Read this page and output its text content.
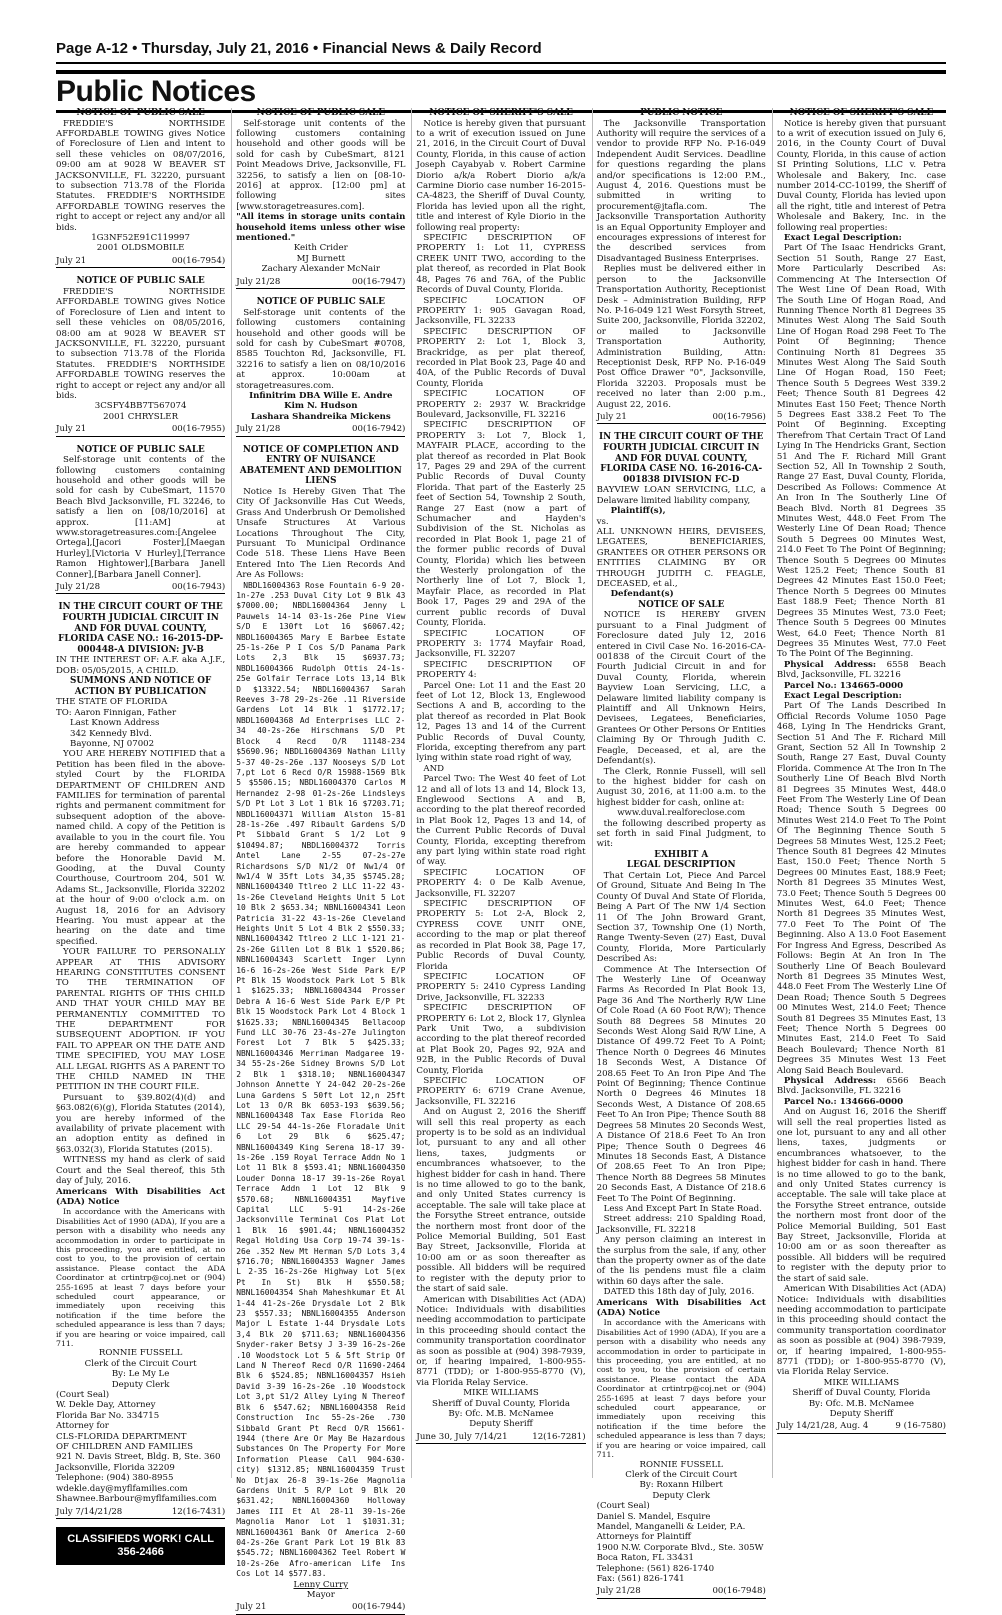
Page A-12 • Thursday, July 21, 2016 • Financial News & Daily Record
Public Notices
NOTICE OF PUBLIC SALE

FREDDIE'S NORTHSIDE AFFORDABLE TOWING gives Notice of Foreclosure of Lien and intent to sell these vehicles on 08/07/2016, 09:00 am at 9028 W BEAVER ST JACKSONVILLE, FL 32220, pursuant to subsection 713.78 of the Florida Statutes. FREDDIE'S NORTHSIDE AFFORDABLE TOWING reserves the right to accept or reject any and/or all bids.

1G3NF52E91C119997
2001 OLDSMOBILE
July 21	00(16-7954)
NOTICE OF PUBLIC SALE

FREDDIE'S NORTHSIDE AFFORDABLE TOWING gives Notice of Foreclosure of Lien and intent to sell these vehicles on 08/05/2016, 08:00 am at 9028 W BEAVER ST JACKSONVILLE, FL 32220, pursuant to subsection 713.78 of the Florida Statutes. FREDDIE'S NORTHSIDE AFFORDABLE TOWING reserves the right to accept or reject any and/or all bids.

3CSFY4BB7T567074
2001 CHRYSLER
July 21	00(16-7955)
NOTICE OF PUBLIC SALE

Self-storage unit contents of the following customers containing household and other goods will be sold for cash by CubeSmart, 11570 Beach Blvd Jacksonville, FL 32246, to satisfy a lien on [08/10/2016] at approx. [11:AM] at www.storagetreasures.com:[Angelee Ortega],[Jacori Foster],[Maegan Hurley],[Victoria V Hurley],[Terrance Ramon Hightower],[Barbara Janell Conner],[Barbara Janell Conner].

July 21/28	00(16-7943)
IN THE CIRCUIT COURT OF THE FOURTH JUDICIAL CIRCUIT IN AND FOR DUVAL COUNTY, FLORIDA CASE NO.: 16-2015-DP-000448-A DIVISION: JV-B
IN THE INTEREST OF: A.F. aka A.J.F., DOB: 05/05/2015, A CHILD.
SUMMONS AND NOTICE OF ACTION BY PUBLICATION
THE STATE OF FLORIDA
TO: Aaron Finnigan, Father
Last Known Address
342 Kennedy Blvd.
Bayonne, NJ 07002

YOU ARE HEREBY NOTIFIED that a Petition has been filed in the above-styled Court by the FLORIDA DEPARTMENT OF CHILDREN AND FAMILIES for termination of parental rights and permanent commitment for subsequent adoption of the above-named child. A copy of the Petition is available to you in the court file. You are hereby commanded to appear before the Honorable David M. Gooding, at the Duval County Courthouse, Courtroom 204, 501 W. Adams St., Jacksonville, Florida 32202 at the hour of 9:00 o'clock a.m. on August 18, 2016 for an Advisory Hearing. You must appear at the hearing on the date and time specified.

YOUR FAILURE TO PERSONALLY APPEAR AT THIS ADVISORY HEARING CONSTITUTES CONSENT TO THE TERMINATION OF PARENTAL RIGHTS OF THIS CHILD AND THAT YOUR CHILD MAY BE PERMANENTLY COMMITTED TO THE DEPARTMENT FOR SUBSEQUENT ADOPTION. IF YOU FAIL TO APPEAR ON THE DATE AND TIME SPECIFIED, YOU MAY LOSE ALL LEGAL RIGHTS AS A PARENT TO THE CHILD NAMED IN THE PETITION IN THE COURT FILE.

Pursuant to §39.802(4)(d) and §63.082(6)(g), Florida Statutes (2014), you are hereby informed of the availability of private placement with an adoption entity as defined in §63.032(3), Florida Statutes (2015).

WITNESS my hand as clerk of said Court and the Seal thereof, this 5th day of July, 2016.

Americans With Disabilities Act (ADA) Notice

In accordance with the Americans with Disabilities Act of 1990 (ADA), If you are a person with a disability who needs any accommodation in order to participate in this proceeding, you are entitled, at no cost to you, to the provision of certain assistance. Please contact the ADA Coordinator at crtintrp@coj.net or (904) 255-1695 at least 7 days before your scheduled court appearance, or immediately upon receiving this notification if the time before the scheduled appearance is less than 7 days; if you are hearing or voice impaired, call 711.

RONNIE FUSSELL
Clerk of the Circuit Court
By: Le My Le
Deputy Clerk
(Court Seal)
W. Dekle Day, Attorney
Florida Bar No. 334715
Attorney for
CLS-FLORIDA DEPARTMENT
OF CHILDREN AND FAMILIES
921 N. Davis Street, Bldg. B, Ste. 360
Jacksonville, Florida 32209
Telephone: (904) 380-8955
wdekle.day@myflfamilies.com
Shawnee.Barbour@myflfamilies.com
July 7/14/21/28	12(16-7431)
CLASSIFIEDS WORK! CALL 356-2466
NOTICE OF PUBLIC SALE

Self-storage unit contents of the following customers containing household and other goods will be sold for cash by CubeSmart, 8121 Point Meadows Drive, Jacksonville, FL 32256, to satisfy a lien on [08-10-2016] at approx. [12:00 pm] at following sites [www.storagetreasures.com].

"All items in storage units contain household items unless other wise mentioned."

Keith Crider
MJ Burnett
Zachary Alexander McNair
July 21/28	00(16-7947)
NOTICE OF PUBLIC SALE

Self-storage unit contents of the following customers containing household and other goods will be sold for cash by CubeSmart #0708, 8585 Touchton Rd, Jacksonville, FL 32216 to satisfy a lien on 08/10/2016 at approx. 10:00am at storagetreasures.com.

Infinitrim DBA Wille E. Andre
Kim N. Hudson
Lashara Shandreika Mickens
July 21/28	00(16-7942)
NOTICE OF COMPLETION AND ENTRY OF NUISANCE ABATEMENT AND DEMOLITION LIENS

Notice Is Hereby Given That The City Of Jacksonville Has Cut Weeds, Grass And Underbrush Or Demolished Unsafe Structures At Various Locations Throughout The City, Pursuant To Municipal Ordinance Code 518. These Liens Have Been Entered Into The Lien Records And Are As Follows:

NBDL16004363 Rose Fountain 6-9 20-1n-27e .253 Duval City Lot 9 Blk 43 $7000.00; NBDL16004364 Jenny L Pauwels 14-14 03-1s-26e Pine View S/D E 130ft Lot 16 $6067.42; NBDL16004365 Mary E Barbee Estate 25-1s-26e P I Cos S/D Panama Park Lots 2,3 Blk 15 $6937.73; NBDL16004366 Rudolph Ottis 24-1s-25e Golfair Terrace Lots 13,14 Blk D $13322.54; NBDL16004367 Sarah Reeves 3-78 29-2s-26e .11 Riverside Gardens Lot 14 Blk 1 $1772.17; NBDL16004368 Ad Enterprises LLC 2-34 40-2s-26e Hirschmans S/D Pt Block 4 Recd O/R 11148-234 $5690.96; NBDL16004369 Nathan Lilly 5-37 40-2s-26e .137 Nooseys S/D Lot 7,pt Lot 6 Recd O/R 15988-1569 Blk 5 $5506.15; NBDL16004370 Carlos M Hernandez 2-98 01-2s-26e Lindsleys S/D Pt Lot 3 Lot 1 Blk 16 $7203.71; NBDL16004371 William Alston 15-81 28-1s-26e .497 Ribault Gardens S/D Pt Sibbald Grant S 1/2 Lot 9 $10494.87; NBDL16004372 Torris Antel Lane 2-55 07-2s-27e Richardsons S/D N1/2 Of Nw1/4 Of Nw1/4 W 35ft Lots 34,35 $5745.28; NBNL16004340 Ttlreo 2 LLC 11-22 43-1s-26e Cleveland Heights Unit 5 Lot 10 Blk 2 $653.34; NBNL16004341 Leon Patricia 31-22 43-1s-26e Cleveland Heights Unit 5 Lot 4 Blk 2 $550.33; NBNL16004342 Ttlreo 2 LLC 1-121 21-2s-26e Gillen Lot 8 Blk 1 $520.86; NBNL16004343 Scarlett Inger Lynn 16-6 16-2s-26e West Side Park E/P Pt Blk 15 Woodstock Park Lot 5 Blk 1 $1625.33; NBNL16004344 Prosser Debra A 16-6 West Side Park E/P Pt Blk 15 Woodstock Park Lot 4 Block 1 $1625.33; NBNL16004345 Bellacoop Fund LLC 30-76 23-4s-27e Julington Forest Lot 7 Blk 5 $425.33; NBNL16004346 Merriman Madgaree 19-34 55-2s-26e Sidney Browns S/D Lot 2 Blk 1 $318.10; NBNL16004347 Johnson Annette Y 24-042 20-2s-26e Luna Gardens S 50ft Lot 12,n 25ft Lot 13 O/R Bk 6053-193 $639.56; NBNL16004348 Tax Ease Florida Reo LLC 29-54 44-1s-26e Floradale Unit 6 Lot 29 Blk 6 $625.47; NBNL16004349 King Serena 18-17 39-1s-26e .159 Royal Terrace Addn No 1 Lot 11 Blk 8 $593.41; NBNL16004350 Louder Donna 18-17 39-1s-26e Royal Terrace Addn 1 Lot 12 Blk 9 $570.68; NBNL16004351 Mayfive Capital LLC 5-91 14-2s-26e Jacksonville Terminal Cos Plat Lot 1 Blk 16 $901.44; NBNL16004352 Regal Holding Usa Corp 19-74 39-1s-26e .352 New Mt Herman S/D Lots 3,4 $716.70; NBNL16004353 Wagner James L 2-35 16-2s-26e Highway Lot 5(ex Pt In St) Blk H $550.58; NBNL16004354 Shah Maheshkumar Et Al 1-44 41-2s-26e Drysdale Lot 2 Blk 23 $557.33; NBNL16004355 Anderson Major L Estate 1-44 Drysdale Lots 3,4 Blk 20 $711.63; NBNL16004356 Snyder-raker Betsy J 3-39 16-2s-26e .10 Woodstock Lot 5 & 5ft Strip Of Land N Thereof Recd O/R 11690-2464 Blk 6 $524.85; NBNL16004357 Hsieh David 3-39 16-2s-26e .10 Woodstock Lot 3,pt S1/2 Alley Lying N Thereof Blk 6 $547.62; NBNL16004358 Reid Construction Inc 55-2s-26e .730 Sibbald Grant Pt Recd O/R 15661-1944 (there Are Or May Be Hazardous Substances On The Property For More Information Please Call 904-630-city) $1312.85; NBNL16004359 Trust No Dtjax 26-8 39-1s-26e Magnolia Gardens Unit 5 R/P Lot 9 Blk 20 $631.42; NBNL16004360 Holloway James III Et Al 28-11 39-1s-26e Magnolia Manor Lot 1 $1031.31; NBNL16004361 Bank Of America 2-60 04-2s-26e Grant Park Lot 19 Blk 83 $545.72; NBNL16004362 Teel Robert W 10-2s-26e Afro-american Life Ins Cos Lot 14 $577.83.

Lenny Curry
Mayor
July 21	00(16-7944)
NOTICE OF SHERIFF'S SALE

Notice is hereby given that pursuant to a writ of execution issued on June 21, 2016, in the Circuit Court of Duval County, Florida, in this cause of action Joseph Cayabyab v. Robert Carmine Diorio a/k/a Robert Diorio a/k/a Carmine Diorio case number 16-2015-CA-4823, the Sheriff of Duval County, Florida has levied upon all the right, title and interest of Kyle Diorio in the following real property:

SPECIFIC DESCRIPTION OF PROPERTY 1: Lot 11, CYPRESS CREEK UNIT TWO, according to the plat thereof, as recorded in Plat Book 48, Pages 76 and 76A, of the Public Records of Duval County, Florida.

SPECIFIC LOCATION OF PROPERTY 1: 905 Gavagan Road, Jacksonville, FL 32233

SPECIFIC DESCRIPTION OF PROPERTY 2: Lot 1, Block 3, Brackridge, as per plat thereof, recorded in Plat Book 23, Page 40 and 40A, of the Public Records of Duval County, Florida

SPECIFIC LOCATION OF PROPERTY 2: 2937 W. Brackridge Boulevard, Jacksonville, FL 32216

SPECIFIC DESCRIPTION OF PROPERTY 3: Lot 7, Block 1, MAYFAIR PLACE, according to the plat thereof as recorded in Plat Book 17, Pages 29 and 29A of the current Public Records of Duval County Florida. That part of the Easterly 25 feet of Section 54, Township 2 South, Range 27 East (now a part of Schumacher and Hayden's Subdivision of the St. Nicholas as recorded in Plat Book 1, page 21 of the former public records of Duval County, Florida) which lies between the Westerly prolongation of the Northerly line of Lot 7, Block 1, Mayfair Place, as recorded in Plat Book 17, Pages 29 and 29A of the current public records of Duval County, Florida.

SPECIFIC LOCATION OF PROPERTY 3: 1774 Mayfair Road, Jacksonville, FL 32207

SPECIFIC DESCRIPTION OF PROPERTY 4:

Parcel One: Lot 11 and the East 20 feet of Lot 12, Block 13, Englewood Sections A and B, according to the plat thereof as recorded in Plat Book 12, Pages 13 and 14 of the Current Public Records of Duval County, Florida, excepting therefrom any part lying within state road right of way,

AND

Parcel Two: The West 40 feet of Lot 12 and all of lots 13 and 14, Block 13, Englewood Sections A and B, according to the plat thereof recorded in Plat Book 12, Pages 13 and 14, of the Current Public Records of Duval County, Florida, excepting therefrom any part lying within state road right of way.

SPECIFIC LOCATION OF PROPERTY 4: 0 De Kalb Avenue, Jacksonville, FL 32207

SPECIFIC DESCRIPTION OF PROPERTY 5: Lot 2-A, Block 2, CYPRESS COVE UNIT ONE, according to the map or plat thereof as recorded in Plat Book 38, Page 17, Public Records of Duval County, Florida

SPECIFIC LOCATION OF PROPERTY 5: 2410 Cypress Landing Drive, Jacksonville, FL 32233

SPECIFIC DESCRIPTION OF PROPERTY 6: Lot 2, Block 17, Glynlea Park Unit Two, a subdivision according to the plat thereof recorded at Plat Book 20, Pages 92, 92A and 92B, in the Public Records of Duval County, Florida

SPECIFIC LOCATION OF PROPERTY 6: 6719 Crane Avenue, Jacksonville, FL 32216

And on August 2, 2016 the Sheriff will sell this real property as each property is to be sold as an individual lot, pursuant to any and all other liens, taxes, judgments or encumbrances whatsoever, to the highest bidder for cash in hand. There is no time allowed to go to the bank, and only United States currency is acceptable. The sale will take place at the Forsythe Street entrance, outside the northern most front door of the Police Memorial Building, 501 East Bay Street, Jacksonville, Florida at 10:00 am or as soon thereafter as possible. All bidders will be required to register with the deputy prior to the start of said sale.

American with Disabilities Act (ADA) Notice: Individuals with disabilities needing accommodation to participate in this proceeding should contact the community transportation coordinator as soon as possible at (904) 398-7939, or, if hearing impaired, 1-800-955-8771 (TDD); or 1-800-955-8770 (V), via Florida Relay Service.

MIKE WILLIAMS
Sheriff of Duval County, Florida
By: Ofc. M.B. McNamee
Deputy Sheriff
June 30, July 7/14/21	12(16-7281)
PUBLIC NOTICE

The Jacksonville Transportation Authority will require the services of a vendor to provide RFP No. P-16-049 Independent Audit Services. Deadline for questions regarding the plans and/or specifications is 12:00 P.M., August 4, 2016. Questions must be submitted in writing to procurement@jtafla.com. The Jacksonville Transportation Authority is an Equal Opportunity Employer and encourages expressions of interest for the described services from Disadvantaged Business Enterprises.

Replies must be delivered either in person to the Jacksonville Transportation Authority, Receptionist Desk – Administration Building, RFP No. P-16-049 121 West Forsyth Street, Suite 200, Jacksonville, Florida 32202, or mailed to Jacksonville Transportation Authority, Administration Building, Attn: Receptionist Desk, RFP No. P-16-049 Post Office Drawer "0", Jacksonville, Florida 32203. Proposals must be received no later than 2:00 p.m., August 22, 2016.

July 21	00(16-7956)
IN THE CIRCUIT COURT OF THE FOURTH JUDICIAL CIRCUIT IN AND FOR DUVAL COUNTY, FLORIDA CASE NO. 16-2016-CA-001838 DIVISION FC-D
BAYVIEW LOAN SERVICING, LLC, a Delaware limited liability company,
Plaintiff(s),
vs.
ALL UNKNOWN HEIRS, DEVISEES, LEGATEES, BENEFICIARIES, GRANTEES OR OTHER PERSONS OR ENTITIES CLAIMING BY OR THROUGH JUDITH C. FEAGLE, DECEASED, et al.,
Defendant(s)
NOTICE OF SALE

NOTICE IS HEREBY GIVEN pursuant to a Final Judgment of Foreclosure dated July 12, 2016 entered in Civil Case No. 16-2016-CA-001838 of the Circuit Court of the Fourth Judicial Circuit in and for Duval County, Florida, wherein Bayview Loan Servicing, LLC, a Delaware limited liability company is Plaintiff and All Unknown Heirs, Devisees, Legatees, Beneficiaries, Grantees Or Other Persons Or Entities Claiming By Or Through Judith C. Feagle, Deceased, et al, are the Defendant(s).

The Clerk, Ronnie Fussell, will sell to the highest bidder for cash on August 30, 2016, at 11:00 a.m. to the highest bidder for cash, online at:

www.duval.realforeclose.com

the following described property as set forth in said Final Judgment, to wit:

EXHIBIT A
LEGAL DESCRIPTION

That Certain Lot, Piece And Parcel Of Ground, Situate And Being In The County Of Duval And State Of Florida, Being A Part Of The NW 1/4 Section 11 Of The John Broward Grant, Section 37, Township One (1) North, Range Twenty-Seven (27) East, Duval County, Florida, More Particularly Described As:

Commence At The Intersection Of The Westerly Line Of Oceanway Farms As Recorded In Plat Book 13, Page 36 And The Northerly R/W Line Of Cole Road (A 60 Foot R/W); Thence South 88 Degrees 58 Minutes 20 Seconds West Along Said R/W Line, A Distance Of 499.72 Feet To A Point; Thence North 0 Degrees 46 Minutes 18 Seconds West, A Distance Of 208.65 Feet To An Iron Pipe And The Point Of Beginning; Thence Continue North 0 Degrees 46 Minutes 18 Seconds West, A Distance Of 208.65 Feet To An Iron Pipe; Thence South 88 Degrees 58 Minutes 20 Seconds West, A Distance Of 218.6 Feet To An Iron Pipe; Thence South 0 Degrees 46 Minutes 18 Seconds East, A Distance Of 208.65 Feet To An Iron Pipe; Thence North 88 Degrees 58 Minutes 20 Seconds East, A Distance Of 218.6 Feet To The Point Of Beginning.

Less And Except Part In State Road.

Street address: 210 Spalding Road, Jacksonville, FL 32218

Any person claiming an interest in the surplus from the sale, if any, other than the property owner as of the date of the lis pendens must file a claim within 60 days after the sale.

DATED this 18th day of July, 2016.

Americans With Disabilities Act (ADA) Notice

In accordance with the Americans with Disabilities Act of 1990 (ADA), If you are a person with a disability who needs any accommodation in order to participate in this proceeding, you are entitled, at no cost to you, to the provision of certain assistance. Please contact the ADA Coordinator at crtintrp@coj.net or (904) 255-1695 at least 7 days before your scheduled court appearance, or immediately upon receiving this notification if the time before the scheduled appearance is less than 7 days; if you are hearing or voice impaired, call 711.

RONNIE FUSSELL
Clerk of the Circuit Court
By: Roxann Hilbert
Deputy Clerk
(Court Seal)
Daniel S. Mandel, Esquire
Mandel, Manganelli & Leider, P.A.
Attorneys for Plaintiff
1900 N.W. Corporate Blvd., Ste. 305W
Boca Raton, FL 33431
Telephone: (561) 826-1740
Fax: (561) 826-1741
July 21/28	00(16-7948)
NOTICE OF SHERIFF'S SALE

Notice is hereby given that pursuant to a writ of execution issued on July 6, 2016, in the County Court of Duval County, Florida, in this cause of action SI Printing Solutions, LLC v. Petra Wholesale and Bakery, Inc. case number 2014-CC-10199, the Sheriff of Duval County, Florida has levied upon all the right, title and interest of Petra Wholesale and Bakery, Inc. in the following real properties:

Exact Legal Description:

Part Of The Isaac Hendricks Grant, Section 51 South, Range 27 East, More Particularly Described As: Commencing At The Intersection Of The West Line Of Dean Road, With The South Line Of Hogan Road, And Running Thence North 81 Degrees 35 Minutes West Along The Said South Line Of Hogan Road 298 Feet To The Point Of Beginning; Thence Continuing North 81 Degrees 35 Minutes West Along The Said South Line Of Hogan Road, 150 Feet; Thence South 5 Degrees West 339.2 Feet; Thence South 81 Degrees 42 Minutes East 150 Feet; Thence North 5 Degrees East 338.2 Feet To The Point Of Beginning. Excepting Therefrom That Certain Tract Of Land Lying In The Hendricks Grant, Section 51 And The F. Richard Mill Grant Section 52, All In Township 2 South, Range 27 East, Duval County, Florida, Described As Follows: Commence At An Iron In The Southerly Line Of Beach Blvd. North 81 Degrees 35 Minutes West, 448.0 Feet From The Westerly Line Of Dean Road; Thence South 5 Degrees 00 Minutes West, 214.0 Feet To The Point Of Beginning; Thence South 5 Degrees 00 Minutes West 125.2 Feet; Thence South 81 Degrees 42 Minutes East 150.0 Feet; Thence North 5 Degrees 00 Minutes East 188.9 Feet; Thence North 81 Degrees 35 Minutes West, 73.0 Feet; Thence South 5 Degrees 00 Minutes West, 64.0 Feet; Thence North 81 Degrees 35 Minutes West, 77.0 Feet To The Point Of The Beginning.

Physical Address: 6558 Beach Blvd, Jacksonville, FL 32216

Parcel No.: 134665-0000
Exact Legal Description:

Part Of The Lands Described In Official Records Volume 1050 Page 468, Lying In The Hendricks Grant, Section 51 And The F. Richard Mill Grant, Section 52 All In Township 2 South, Range 27 East, Duval County Florida. Commence At The Iron In The Southerly Line Of Beach Blvd North 81 Degrees 35 Minutes West, 448.0 Feet From The Westerly Line Of Dean Road; Thence South 5 Degrees 00 Minutes West 214.0 Feet To The Point Of The Beginning Thence South 5 Degrees 58 Minutes West, 125.2 Feet; Thence South 81 Degrees 42 Minutes East, 150.0 Feet; Thence North 5 Degrees 00 Minutes East, 188.9 Feet; North 81 Degrees 35 Minutes West, 73.0 Feet; Thence South 5 Degrees 00 Minutes West, 64.0 Feet; Thence North 81 Degrees 35 Minutes West, 77.0 Feet To The Point Of The Beginning. Also A 13.0 Foot Easement For Ingress And Egress, Described As Follows: Begin At An Iron In The Southerly Line Of Beach Boulevard North 81 Degrees 35 Minutes West, 448.0 Feet From The Westerly Line Of Dean Road; Thence South 5 Degrees 00 Minutes West, 214.0 Feet; Thence South 81 Degrees 35 Minutes East, 13 Feet; Thence North 5 Degrees 00 Minutes East, 214.0 Feet To Said Beach Boulevard; Thence North 81 Degrees 35 Minutes West 13 Feet Along Said Beach Boulevard.

Physical Address: 6566 Beach Blvd. Jacksonville, FL 32216

Parcel No.: 134666-0000

And on August 16, 2016 the Sheriff will sell the real properties listed as one lot, pursuant to any and all other liens, taxes, judgments or encumbrances whatsoever, to the highest bidder for cash in hand. There is no time allowed to go to the bank, and only United States currency is acceptable. The sale will take place at the Forsythe Street entrance, outside the northern most front door of the Police Memorial Building, 501 East Bay Street, Jacksonville, Florida at 10:00 am or as soon thereafter as possible. All bidders will be required to register with the deputy prior to the start of said sale.

American With Disabilities Act (ADA) Notice: Individuals with disabilities needing accommodation to participate in this proceeding should contact the community transportation coordinator as soon as possible at (904) 398-7939, or, if hearing impaired, 1-800-955-8771 (TDD); or 1-800-955-8770 (V), via Florida Relay Service.

MIKE WILLIAMS
Sheriff of Duval County, Florida
By: Ofc. M.B. McNamee
Deputy Sheriff
July 14/21/28, Aug. 4	9 (16-7580)
